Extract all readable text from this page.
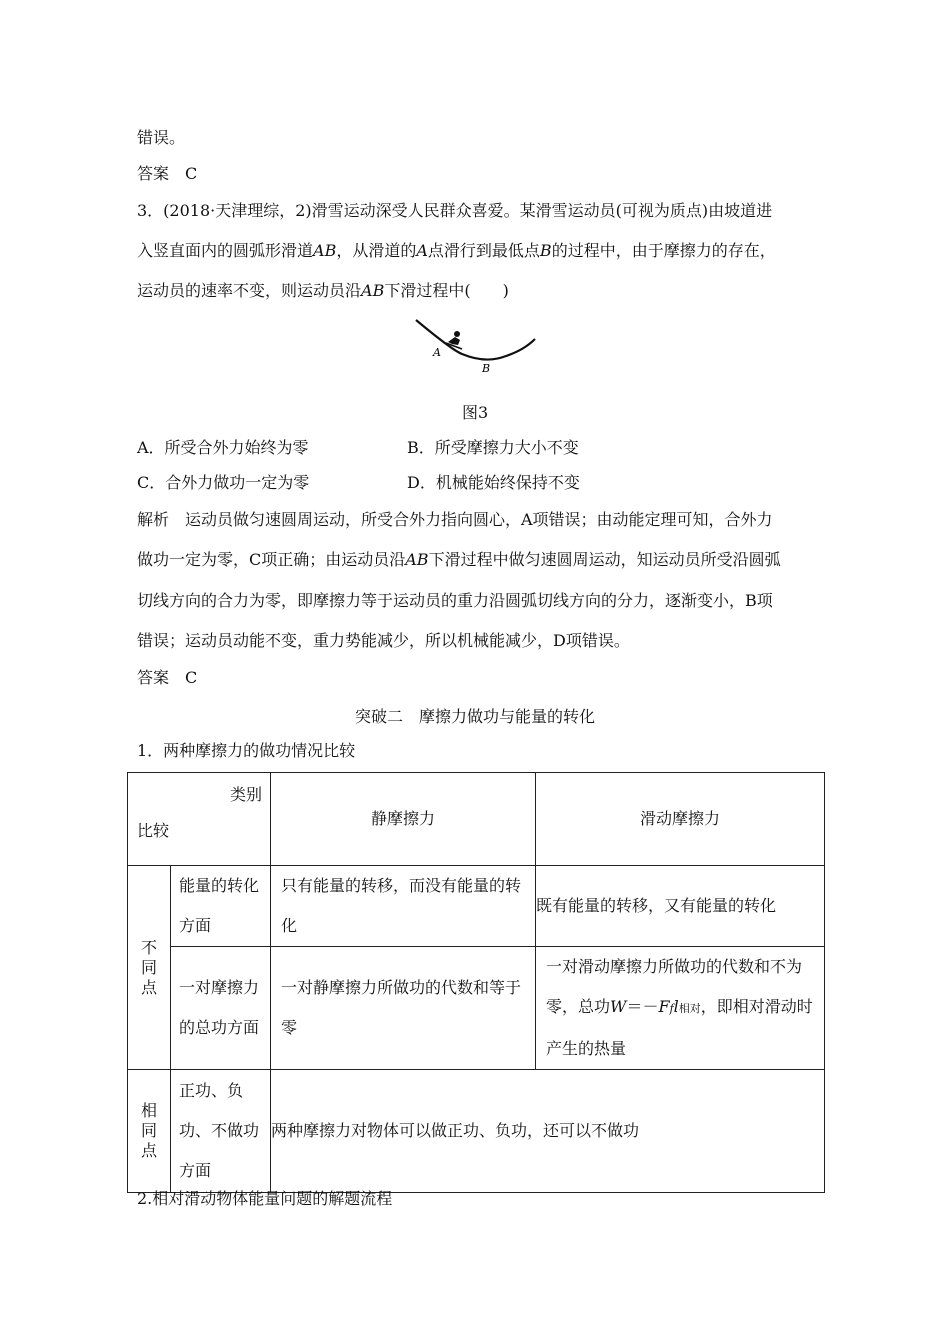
错误。
答案　C
3．(2018·天津理综，2)滑雪运动深受人民群众喜爱。某滑雪运动员(可视为质点)由坡道进
入竖直面内的圆弧形滑道AB，从滑道的A点滑行到最低点B的过程中，由于摩擦力的存在，
运动员的速率不变，则运动员沿AB下滑过程中(　　)
A
B
图3
A．所受合外力始终为零	B．所受摩擦力大小不变
C．合外力做功一定为零	D．机械能始终保持不变
解析　运动员做匀速圆周运动，所受合外力指向圆心，A项错误；由动能定理可知，合外力
做功一定为零，C项正确；由运动员沿AB下滑过程中做匀速圆周运动，知运动员所受沿圆弧
切线方向的合力为零，即摩擦力等于运动员的重力沿圆弧切线方向的分力，逐渐变小，B项
错误；运动员动能不变，重力势能减少，所以机械能减少，D项错误。
答案　C
突破二　摩擦力做功与能量的转化
1．两种摩擦力的做功情况比较
类别
比较		静摩擦力	滑动摩擦力

不
同
点	能量的转化方面	只有能量的转移，而没有能量的转化	既有能量的转移，又有能量的转化
	一对摩擦力的总功方面	一对静摩擦力所做功的代数和等于零	一对滑动摩擦力所做功的代数和不为零，总功W＝－Ffl相对，即相对滑动时产生的热量

相
同
点	正功、负功、不做功方面	两种摩擦力对物体可以做正功、负功，还可以不做功	
2.相对滑动物体能量问题的解题流程
